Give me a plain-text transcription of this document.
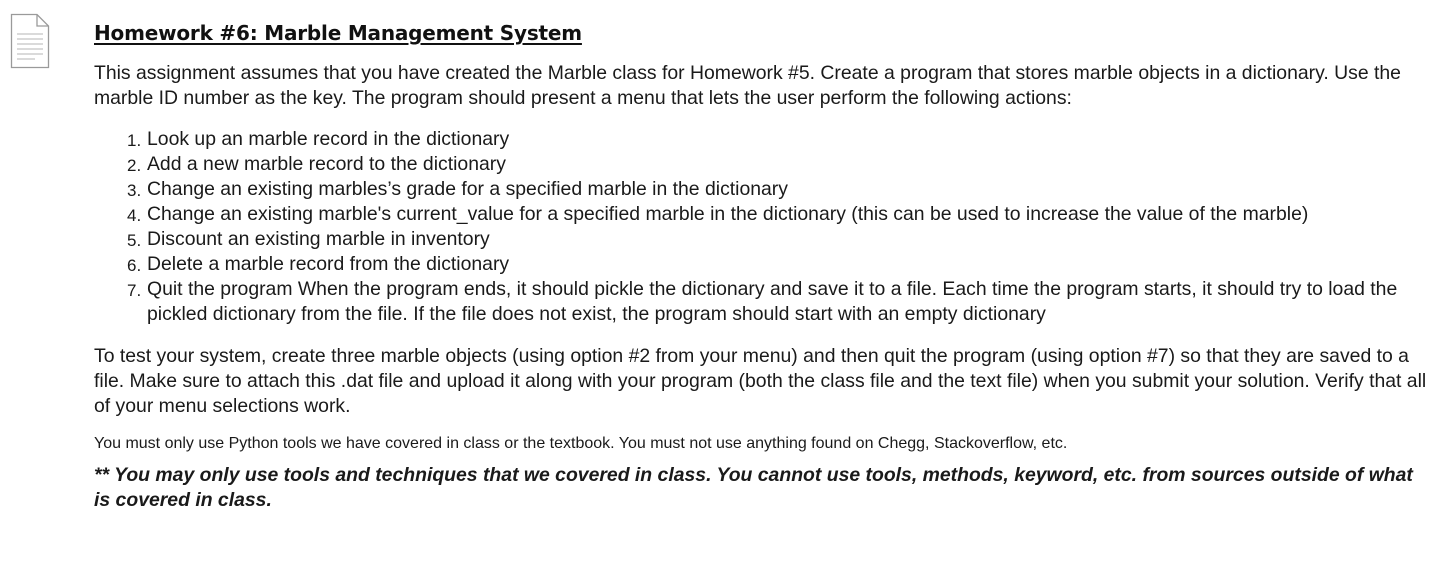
Homework #6: Marble Management System

This assignment assumes that you have created the Marble class for Homework #5. Create a program that stores marble objects in a dictionary. Use the marble ID number as the key. The program should present a menu that lets the user perform the following actions:

1. Look up an marble record in the dictionary
2. Add a new marble record to the dictionary
3. Change an existing marbles’s grade for a specified marble in the dictionary
4. Change an existing marble's current_value for a specified marble in the dictionary (this can be used to increase the value of the marble)
5. Discount an existing marble in inventory
6. Delete a marble record from the dictionary
7. Quit the program When the program ends, it should pickle the dictionary and save it to a file. Each time the program starts, it should try to load the pickled dictionary from the file. If the file does not exist, the program should start with an empty dictionary

To test your system, create three marble objects (using option #2 from your menu) and then quit the program (using option #7) so that they are saved to a file. Make sure to attach this .dat file and upload it along with your program (both the class file and the text file) when you submit your solution. Verify that all of your menu selections work.

You must only use Python tools we have covered in class or the textbook. You must not use anything found on Chegg, Stackoverflow, etc.

** You may only use tools and techniques that we covered in class. You cannot use tools, methods, keyword, etc. from sources outside of what is covered in class.
